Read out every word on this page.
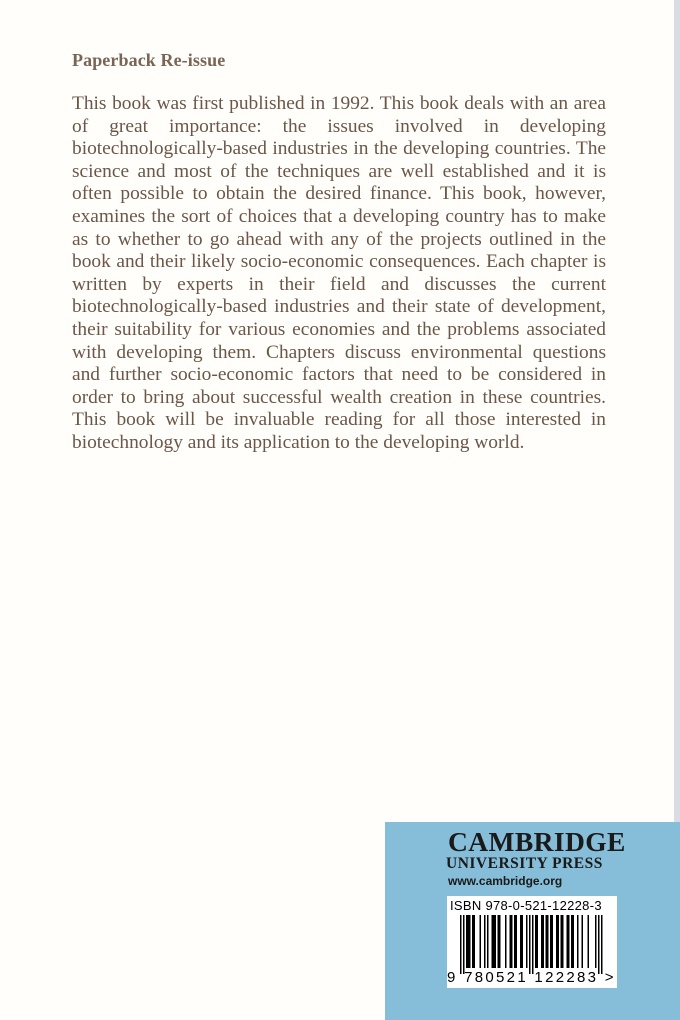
Paperback Re-issue

This book was first published in 1992. This book deals with an area of great importance: the issues involved in developing biotechnologically-based industries in the developing countries. The science and most of the techniques are well established and it is often possible to obtain the desired finance. This book, however, examines the sort of choices that a developing country has to make as to whether to go ahead with any of the projects outlined in the book and their likely socio-economic consequences. Each chapter is written by experts in their field and discusses the current biotechnologically-based industries and their state of development, their suitability for various economies and the problems associated with developing them. Chapters discuss environmental questions and further socio-economic factors that need to be considered in order to bring about successful wealth creation in these countries. This book will be invaluable reading for all those interested in biotechnology and its application to the developing world.

CAMBRIDGE
UNIVERSITY PRESS
www.cambridge.org
ISBN 978-0-521-12228-3
9 780521 122283 >
